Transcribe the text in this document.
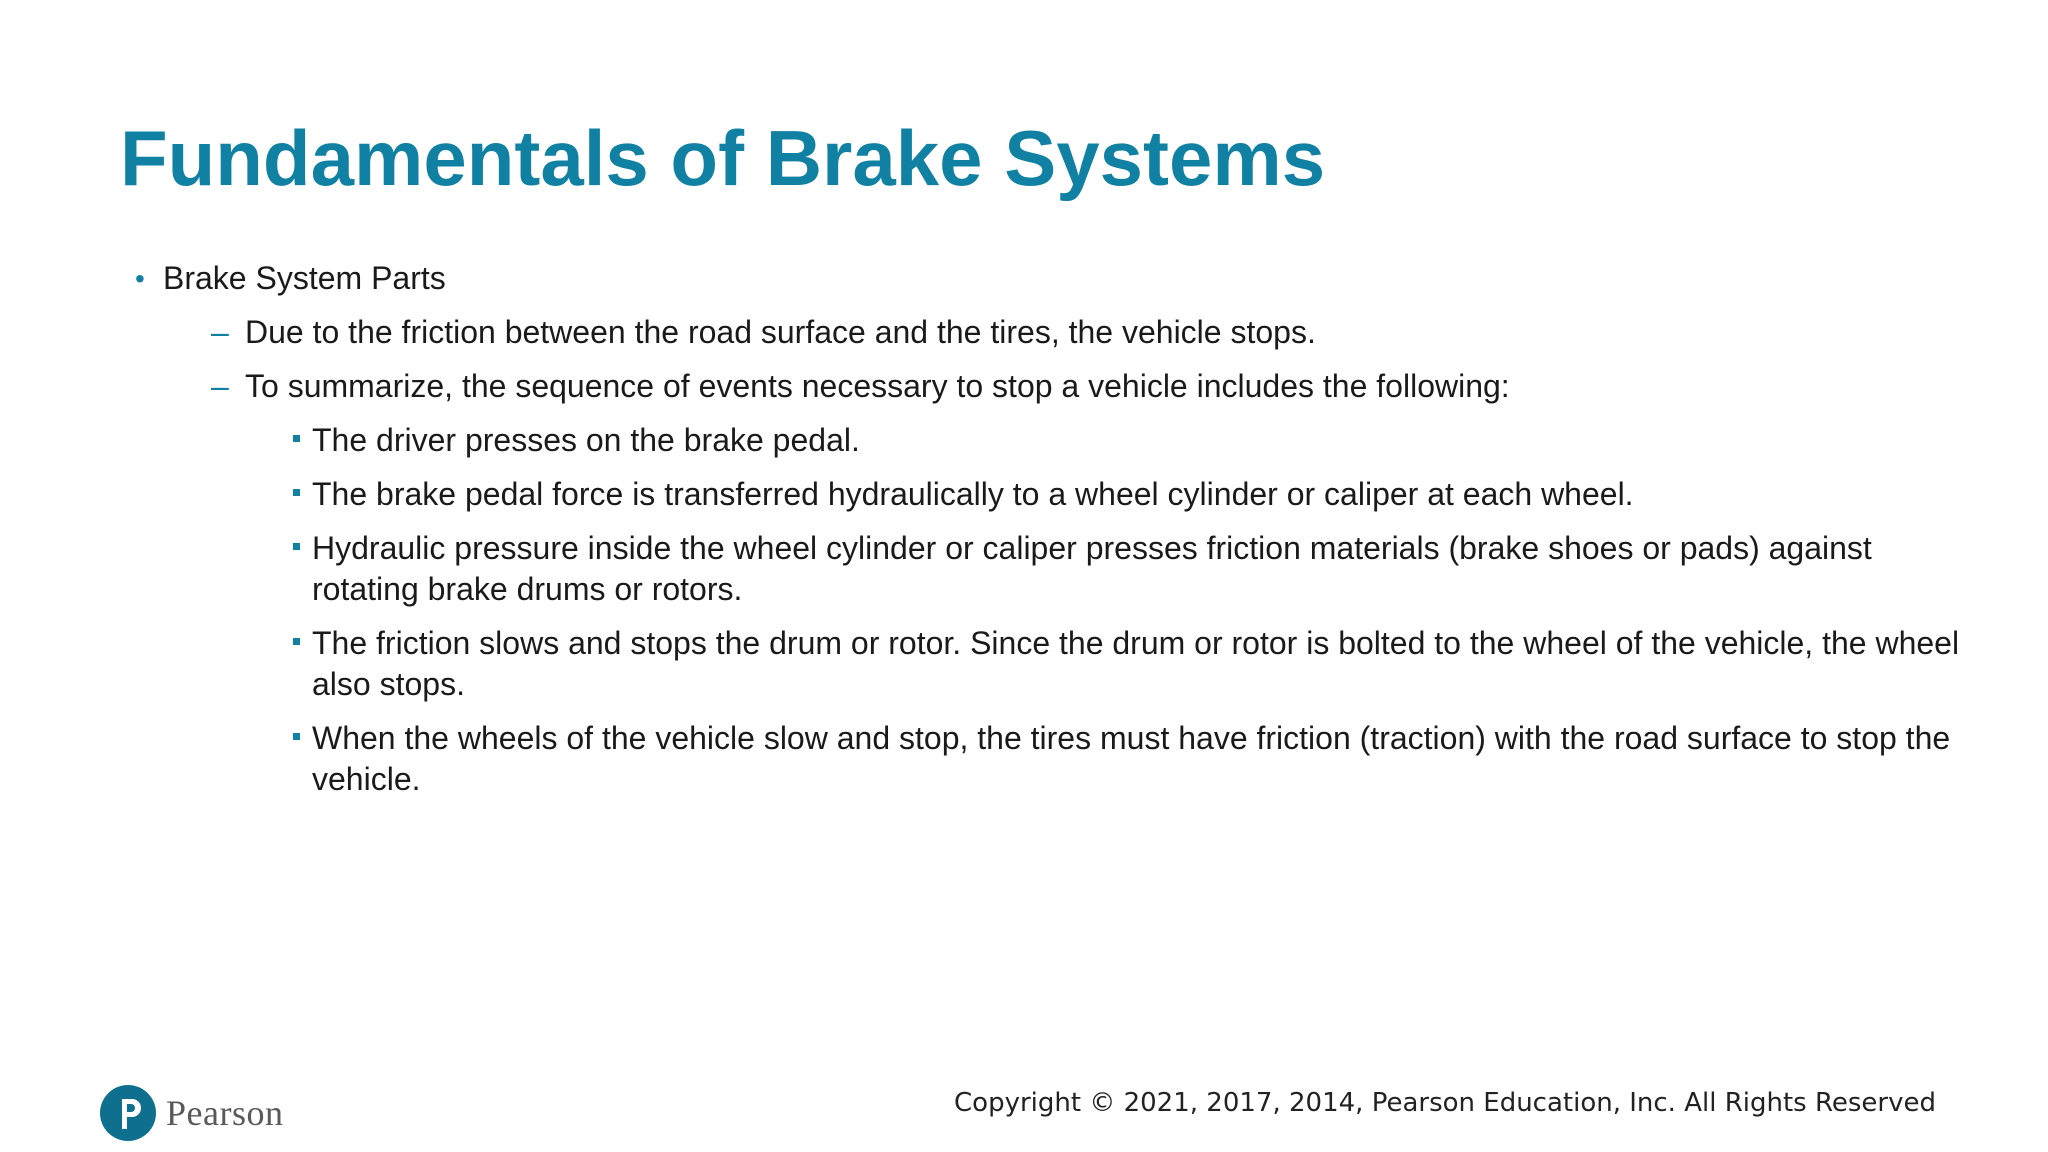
Fundamentals of Brake Systems
• Brake System Parts
– Due to the friction between the road surface and the tires, the vehicle stops.
– To summarize, the sequence of events necessary to stop a vehicle includes the following:
The driver presses on the brake pedal.
The brake pedal force is transferred hydraulically to a wheel cylinder or caliper at each wheel.
Hydraulic pressure inside the wheel cylinder or caliper presses friction materials (brake shoes or pads) against rotating brake drums or rotors.
The friction slows and stops the drum or rotor. Since the drum or rotor is bolted to the wheel of the vehicle, the wheel also stops.
When the wheels of the vehicle slow and stop, the tires must have friction (traction) with the road surface to stop the vehicle.
Pearson	Copyright © 2021, 2017, 2014, Pearson Education, Inc. All Rights Reserved
